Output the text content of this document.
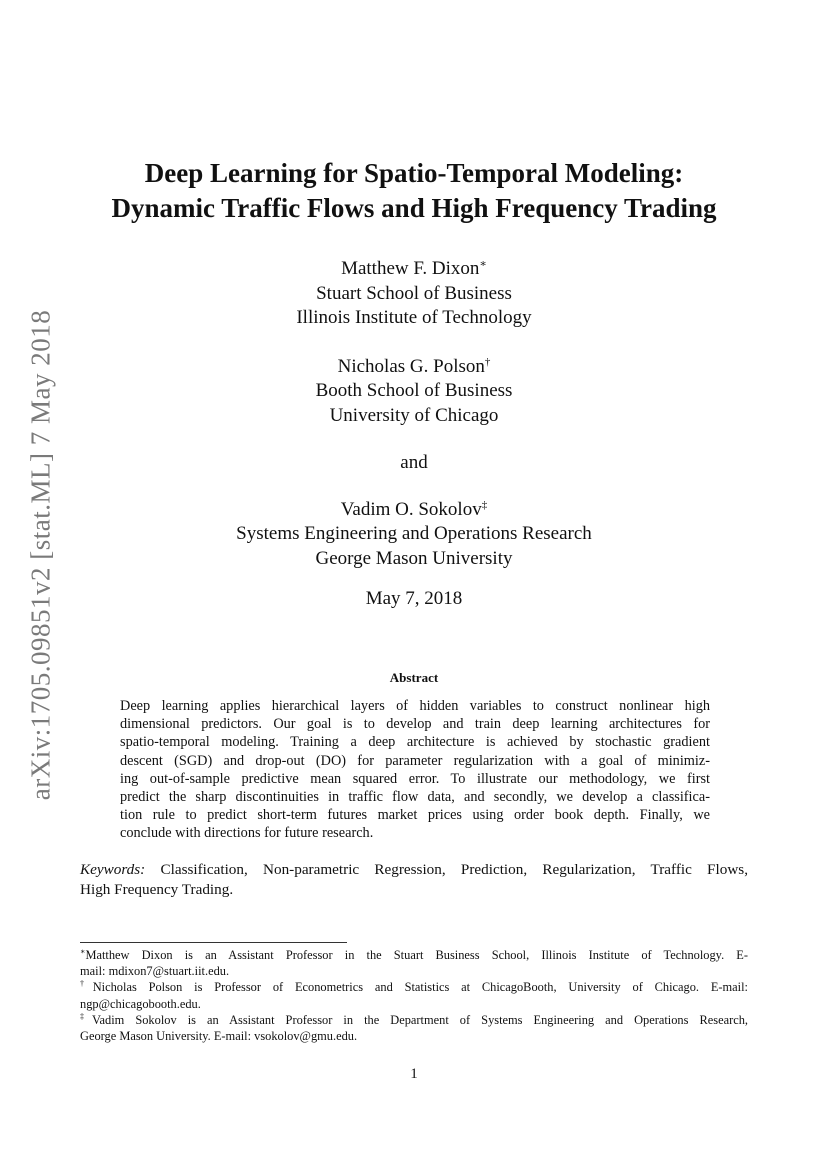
arXiv:1705.09851v2 [stat.ML] 7 May 2018
Deep Learning for Spatio-Temporal Modeling:
Dynamic Traffic Flows and High Frequency Trading
Matthew F. Dixon∗
Stuart School of Business
Illinois Institute of Technology
Nicholas G. Polson†
Booth School of Business
University of Chicago
and
Vadim O. Sokolov‡
Systems Engineering and Operations Research
George Mason University
May 7, 2018
Abstract
Deep learning applies hierarchical layers of hidden variables to construct nonlinear high
dimensional predictors. Our goal is to develop and train deep learning architectures for
spatio-temporal modeling. Training a deep architecture is achieved by stochastic gradient
descent (SGD) and drop-out (DO) for parameter regularization with a goal of minimiz-
ing out-of-sample predictive mean squared error. To illustrate our methodology, we first
predict the sharp discontinuities in traffic flow data, and secondly, we develop a classifica-
tion rule to predict short-term futures market prices using order book depth. Finally, we
conclude with directions for future research.
Keywords: Classification, Non-parametric Regression, Prediction, Regularization, Traffic Flows,
High Frequency Trading.
∗Matthew Dixon is an Assistant Professor in the Stuart Business School, Illinois Institute of Technology. E-
mail: mdixon7@stuart.iit.edu.
†Nicholas Polson is Professor of Econometrics and Statistics at ChicagoBooth, University of Chicago. E-mail:
ngp@chicagobooth.edu.
‡Vadim Sokolov is an Assistant Professor in the Department of Systems Engineering and Operations Research,
George Mason University. E-mail: vsokolov@gmu.edu.
1
